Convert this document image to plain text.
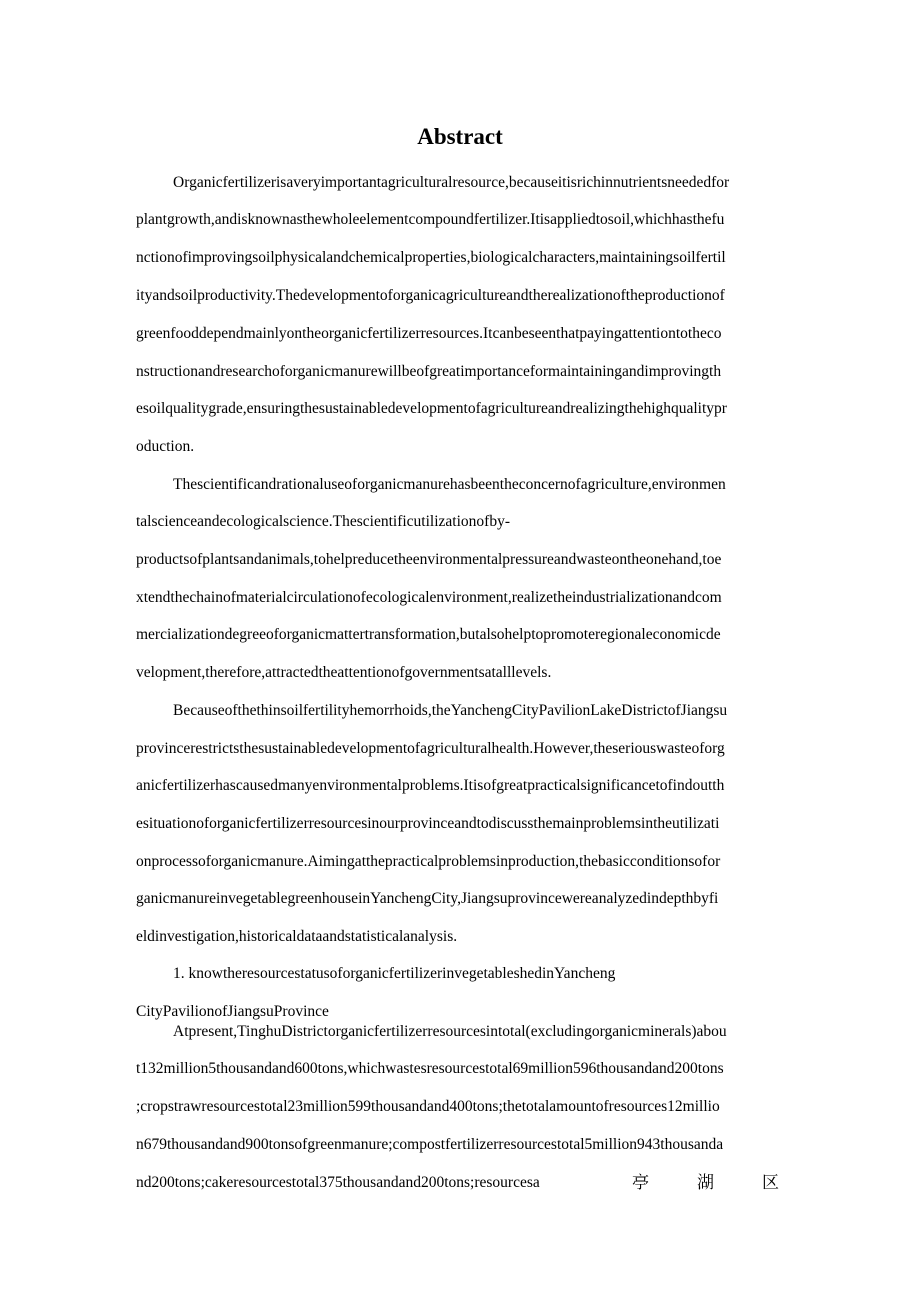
Abstract

Organicfertilizerisaveryimportantagriculturalresource,becauseitisrichinnutrientsneededfor

plantgrowth,andisknownasthewholeelementcompoundfertilizer.Itisappliedtosoil,whichhasthefu

nctionofimprovingsoilphysicalandchemicalproperties,biologicalcharacters,maintainingsoilfertil

ityandsoilproductivity.Thedevelopmentoforganicagricultureandtherealizationoftheproductionof

greenfooddependmainlyontheorganicfertilizerresources.Itcanbeseenthatpayingattentiontotheco

nstructionandresearchoforganicmanurewillbeofgreatimportanceformaintainingandimprovingth

esoilqualitygrade,ensuringthesustainabledevelopmentofagricultureandrealizingthehighqualitypr

oduction.

Thescientificandrationaluseoforganicmanurehasbeentheconcernofagriculture,environmen

talscienceandecologicalscience.Thescientificutilizationofby-

productsofplantsandanimals,tohelpreducetheenvironmentalpressureandwasteontheonehand,toe

xtendthechainofmaterialcirculationofecologicalenvironment,realizetheindustrializationandcom

mercializationdegreeoforganicmattertransformation,butalsohelptopromoteregionaleconomicde

velopment,therefore,attractedtheattentionofgovernmentsatalllevels.

Becauseofthethinsoilfertilityhemorrhoids,theYanchengCityPavilionLakeDistrictofJiangsu

provincerestrictsthesustainabledevelopmentofagriculturalhealth.However,theseriouswasteoforg

anicfertilizerhascausedmanyenvironmentalproblems.Itisofgreatpracticalsignificancetofindoutth

esituationoforganicfertilizerresourcesinourprovinceandtodiscussthemainproblemsintheutilizati

onprocessoforganicmanure.Aimingatthepracticalproblemsinproduction,thebasicconditionsofor

ganicmanureinvegetablegreenhouseinYanchengCity,Jiangsuprovincewereanalyzedindepthbyfi

eldinvestigation,historicaldataandstatisticalanalysis.

1. knowtheresourcestatusoforganicfertilizerinvegetableshedinYancheng

CityPavilionofJiangsuProvince

Atpresent,TinghuDistrictorganicfertilizerresourcesintotal(excludingorganicminerals)abou

t132million5thousandand600tons,whichwastesresourcestotal69million596thousandand200tons

;cropstrawresourcestotal23million599thousandand400tons;thetotalamountofresources12millio

n679thousandand900tonsofgreenmanure;compostfertilizerresourcestotal5million943thousanda

nd200tons;cakeresourcestotal375thousandand200tons;resourcesa	亭	湖	区
